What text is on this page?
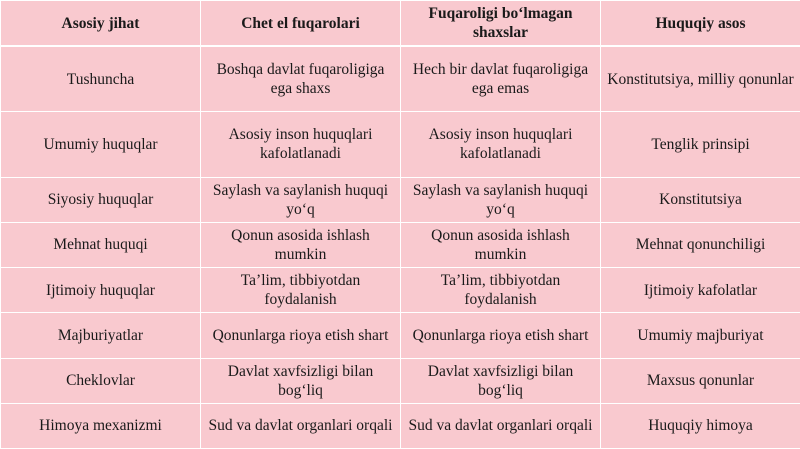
Asosiy jihat	Chet el fuqarolari	Fuqaroligi bo‘lmagan shaxslar	Huquqiy asos
Tushuncha	Boshqa davlat fuqaroligiga ega shaxs	Hech bir davlat fuqaroligiga ega emas	Konstitutsiya, milliy qonunlar
Umumiy huquqlar	Asosiy inson huquqlari kafolatlanadi	Asosiy inson huquqlari kafolatlanadi	Tenglik prinsipi
Siyosiy huquqlar	Saylash va saylanish huquqi yo‘q	Saylash va saylanish huquqi yo‘q	Konstitutsiya
Mehnat huquqi	Qonun asosida ishlash mumkin	Qonun asosida ishlash mumkin	Mehnat qonunchiligi
Ijtimoiy huquqlar	Ta’lim, tibbiyotdan foydalanish	Ta’lim, tibbiyotdan foydalanish	Ijtimoiy kafolatlar
Majburiyatlar	Qonunlarga rioya etish shart	Qonunlarga rioya etish shart	Umumiy majburiyat
Cheklovlar	Davlat xavfsizligi bilan bog‘liq	Davlat xavfsizligi bilan bog‘liq	Maxsus qonunlar
Himoya mexanizmi	Sud va davlat organlari orqali	Sud va davlat organlari orqali	Huquqiy himoya
